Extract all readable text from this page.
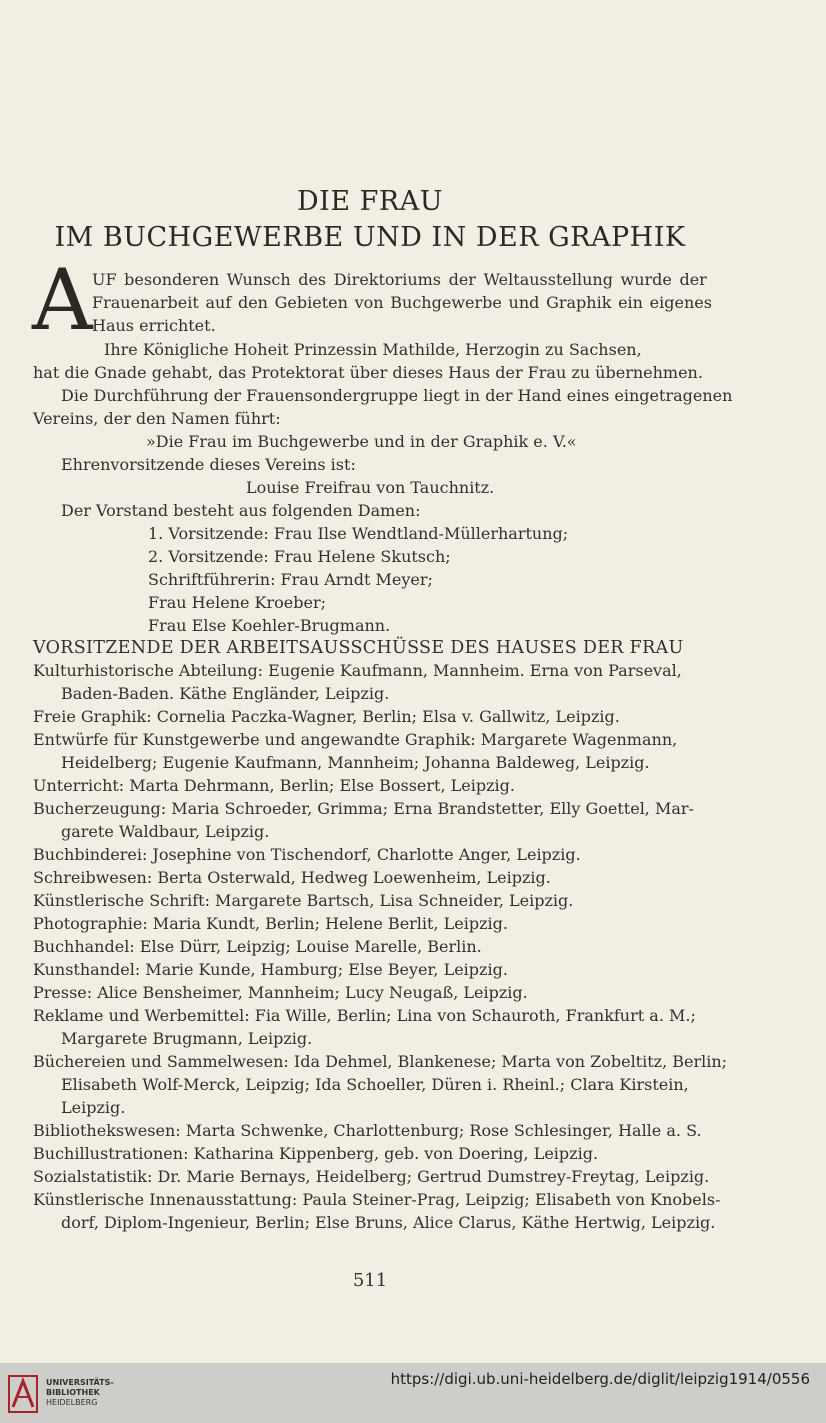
DIE FRAU
IM BUCHGEWERBE UND IN DER GRAPHIK
A UF besonderen Wunsch des Direktoriums der Weltausstellung wurde der
Frauenarbeit auf den Gebieten von Buchgewerbe und Graphik ein eigenes
Haus errichtet.
Ihre Königliche Hoheit Prinzessin Mathilde, Herzogin zu Sachsen,
hat die Gnade gehabt, das Protektorat über dieses Haus der Frau zu übernehmen.
Die Durchführung der Frauensondergruppe liegt in der Hand eines eingetragenen
Vereins, der den Namen führt:
»Die Frau im Buchgewerbe und in der Graphik e. V.«
Ehrenvorsitzende dieses Vereins ist:
Louise Freifrau von Tauchnitz.
Der Vorstand besteht aus folgenden Damen:
1. Vorsitzende: Frau Ilse Wendtland-Müllerhartung;
2. Vorsitzende: Frau Helene Skutsch;
Schriftführerin: Frau Arndt Meyer;
Frau Helene Kroeber;
Frau Else Koehler-Brugmann.
VORSITZENDE DER ARBEITSAUSSCHÜSSE DES HAUSES DER FRAU
Kulturhistorische Abteilung: Eugenie Kaufmann, Mannheim. Erna von Parseval,
Baden-Baden. Käthe Engländer, Leipzig.
Freie Graphik: Cornelia Paczka-Wagner, Berlin; Elsa v. Gallwitz, Leipzig.
Entwürfe für Kunstgewerbe und angewandte Graphik: Margarete Wagenmann,
Heidelberg; Eugenie Kaufmann, Mannheim; Johanna Baldeweg, Leipzig.
Unterricht: Marta Dehrmann, Berlin; Else Bossert, Leipzig.
Bucherzeugung: Maria Schroeder, Grimma; Erna Brandstetter, Elly Goettel, Mar-
garete Waldbaur, Leipzig.
Buchbinderei: Josephine von Tischendorf, Charlotte Anger, Leipzig.
Schreibwesen: Berta Osterwald, Hedweg Loewenheim, Leipzig.
Künstlerische Schrift: Margarete Bartsch, Lisa Schneider, Leipzig.
Photographie: Maria Kundt, Berlin; Helene Berlit, Leipzig.
Buchhandel: Else Dürr, Leipzig; Louise Marelle, Berlin.
Kunsthandel: Marie Kunde, Hamburg; Else Beyer, Leipzig.
Presse: Alice Bensheimer, Mannheim; Lucy Neugaß, Leipzig.
Reklame und Werbemittel: Fia Wille, Berlin; Lina von Schauroth, Frankfurt a. M.;
Margarete Brugmann, Leipzig.
Büchereien und Sammelwesen: Ida Dehmel, Blankenese; Marta von Zobeltitz, Berlin;
Elisabeth Wolf-Merck, Leipzig; Ida Schoeller, Düren i. Rheinl.; Clara Kirstein,
Leipzig.
Bibliothekswesen: Marta Schwenke, Charlottenburg; Rose Schlesinger, Halle a. S.
Buchillustrationen: Katharina Kippenberg, geb. von Doering, Leipzig.
Sozialstatistik: Dr. Marie Bernays, Heidelberg; Gertrud Dumstrey-Freytag, Leipzig.
Künstlerische Innenausstattung: Paula Steiner-Prag, Leipzig; Elisabeth von Knobels-
dorf, Diplom-Ingenieur, Berlin; Else Bruns, Alice Clarus, Käthe Hertwig, Leipzig.
511
UNIVERSITÄTS-
BIBLIOTHEK
HEIDELBERG
https://digi.ub.uni-heidelberg.de/diglit/leipzig1914/0556
